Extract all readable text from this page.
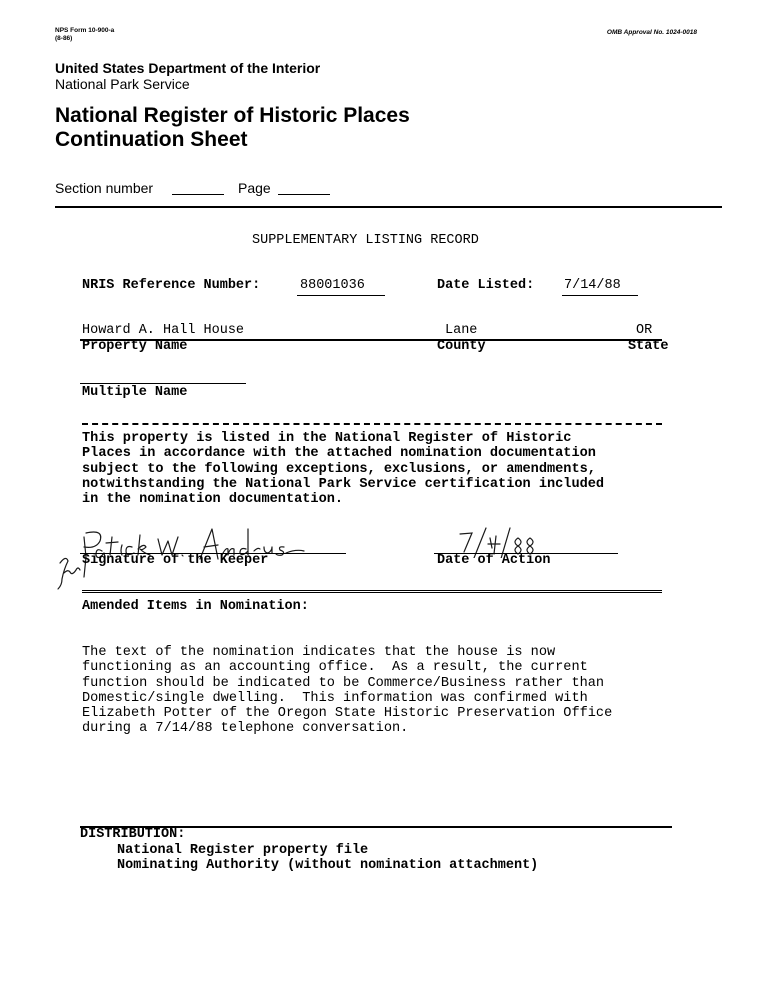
NPS Form 10-900-a
(8-86)
OMB Approval No. 1024-0018
United States Department of the Interior
National Park Service
National Register of Historic Places
Continuation Sheet
Section number	Page
SUPPLEMENTARY LISTING RECORD
NRIS Reference Number:	88001036	Date Listed: 7/14/88
Howard A. Hall House	Lane	OR
Property Name	County	State
Multiple Name
This property is listed in the National Register of Historic
Places in accordance with the attached nomination documentation
subject to the following exceptions, exclusions, or amendments,
notwithstanding the National Park Service certification included
in the nomination documentation.
Signature of the Keeper	Date of Action
Amended Items in Nomination:
The text of the nomination indicates that the house is now
functioning as an accounting office.  As a result, the current
function should be indicated to be Commerce/Business rather than
Domestic/single dwelling.  This information was confirmed with
Elizabeth Potter of the Oregon State Historic Preservation Office
during a 7/14/88 telephone conversation.
DISTRIBUTION:
National Register property file
Nominating Authority (without nomination attachment)
